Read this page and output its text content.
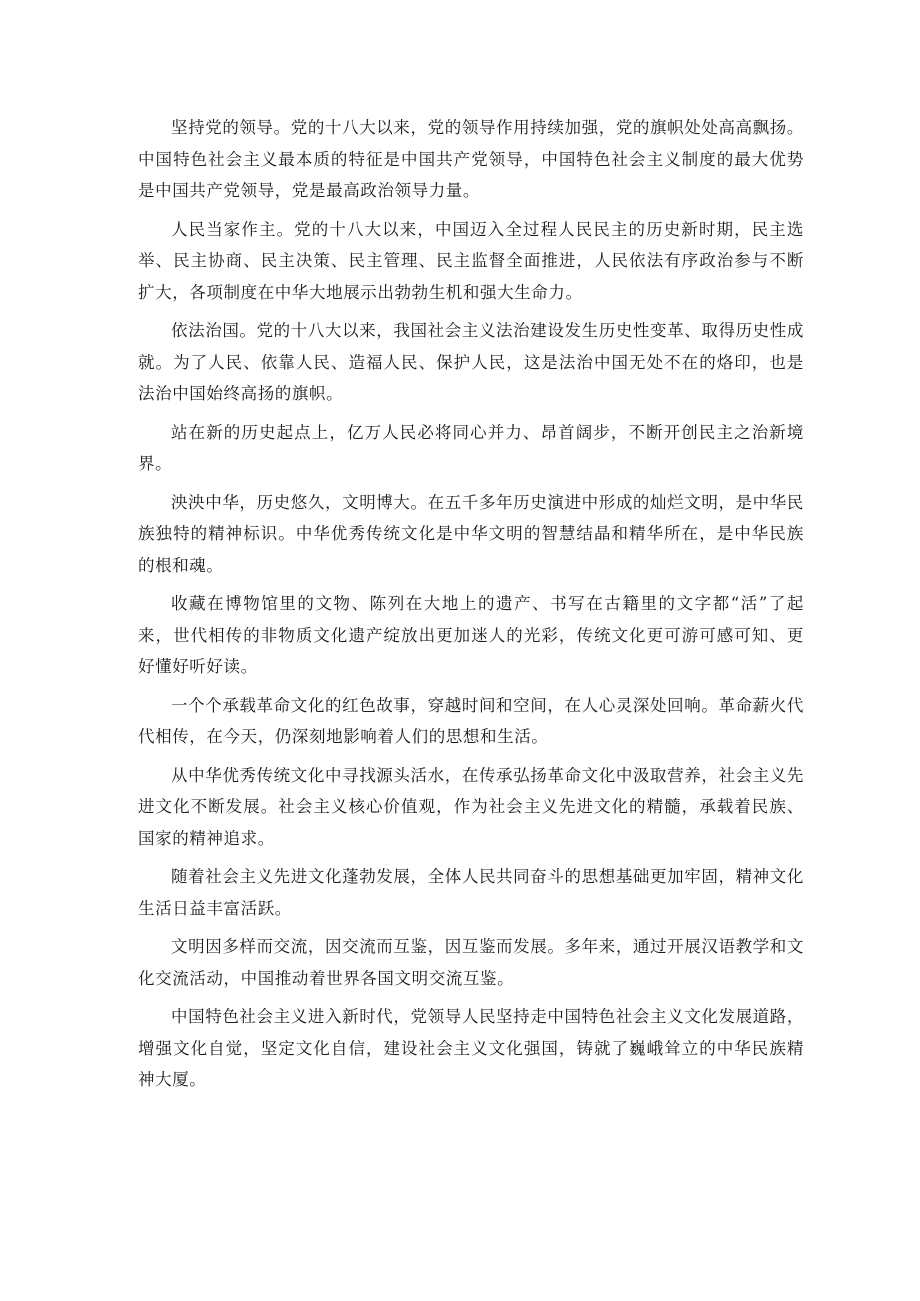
坚持党的领导。党的十八大以来，党的领导作用持续加强，党的旗帜处处高高飘扬。中国特色社会主义最本质的特征是中国共产党领导，中国特色社会主义制度的最大优势是中国共产党领导，党是最高政治领导力量。

人民当家作主。党的十八大以来，中国迈入全过程人民民主的历史新时期，民主选举、民主协商、民主决策、民主管理、民主监督全面推进，人民依法有序政治参与不断扩大，各项制度在中华大地展示出勃勃生机和强大生命力。

依法治国。党的十八大以来，我国社会主义法治建设发生历史性变革、取得历史性成就。为了人民、依靠人民、造福人民、保护人民，这是法治中国无处不在的烙印，也是法治中国始终高扬的旗帜。

站在新的历史起点上，亿万人民必将同心并力、昂首阔步，不断开创民主之治新境界。

泱泱中华，历史悠久，文明博大。在五千多年历史演进中形成的灿烂文明，是中华民族独特的精神标识。中华优秀传统文化是中华文明的智慧结晶和精华所在，是中华民族的根和魂。

收藏在博物馆里的文物、陈列在大地上的遗产、书写在古籍里的文字都“活”了起来，世代相传的非物质文化遗产绽放出更加迷人的光彩，传统文化更可游可感可知、更好懂好听好读。

一个个承载革命文化的红色故事，穿越时间和空间，在人心灵深处回响。革命薪火代代相传，在今天，仍深刻地影响着人们的思想和生活。

从中华优秀传统文化中寻找源头活水，在传承弘扬革命文化中汲取营养，社会主义先进文化不断发展。社会主义核心价值观，作为社会主义先进文化的精髓，承载着民族、国家的精神追求。

随着社会主义先进文化蓬勃发展，全体人民共同奋斗的思想基础更加牢固，精神文化生活日益丰富活跃。

文明因多样而交流，因交流而互鉴，因互鉴而发展。多年来，通过开展汉语教学和文化交流活动，中国推动着世界各国文明交流互鉴。

中国特色社会主义进入新时代，党领导人民坚持走中国特色社会主义文化发展道路，增强文化自觉，坚定文化自信，建设社会主义文化强国，铸就了巍峨耸立的中华民族精神大厦。
